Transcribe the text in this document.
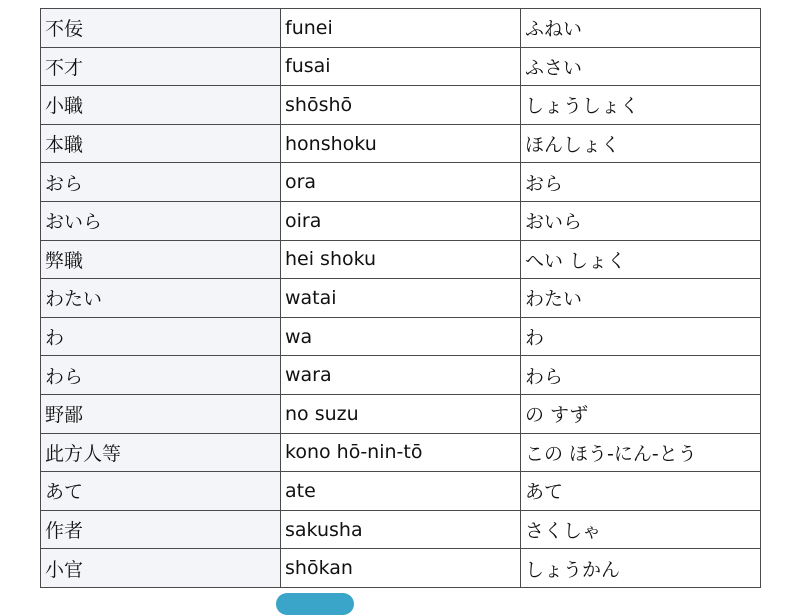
不佞	funei	ふねい
不才	fusai	ふさい
小職	shōshō	しょうしょく
本職	honshoku	ほんしょく
おら	ora	おら
おいら	oira	おいら
弊職	hei shoku	へい しょく
わたい	watai	わたい
わ	wa	わ
わら	wara	わら
野鄙	no suzu	の すず
此方人等	kono hō-nin-tō	この ほう-にん-とう
あて	ate	あて
作者	sakusha	さくしゃ
小官	shōkan	しょうかん
